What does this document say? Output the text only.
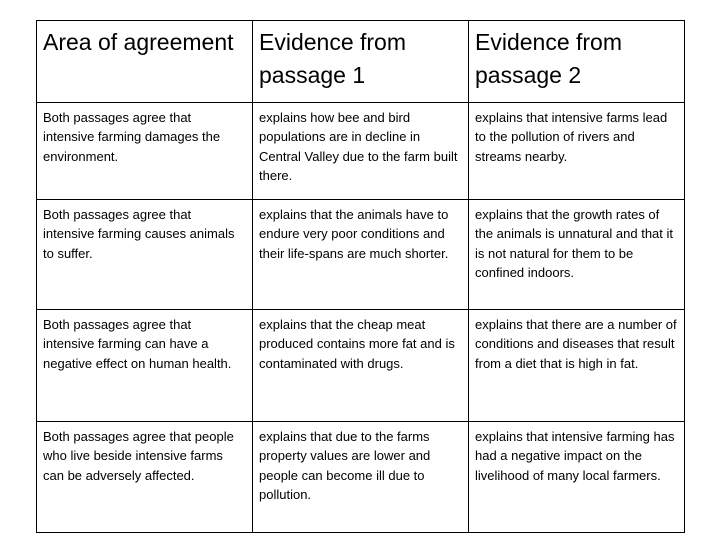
Area of agreement	Evidence from passage 1	Evidence from passage 2
Both passages agree that intensive farming damages the environment.	explains how bee and bird populations are in decline in Central Valley due to the farm built there.	explains that intensive farms lead to the pollution of rivers and streams nearby.
Both passages agree that intensive farming causes animals to suffer.	explains that the animals have to endure very poor conditions and their life-spans are much shorter.	explains that the growth rates of the animals is unnatural and that it is not natural for them to be confined indoors.
Both passages agree that intensive farming can have a negative effect on human health.	explains that the cheap meat produced contains more fat and is contaminated with drugs.	explains that there are a number of conditions and diseases that result from a diet that is high in fat.
Both passages agree that people who live beside intensive farms can be adversely affected.	explains that due to the farms property values are lower and people can become ill due to pollution.	explains that intensive farming has had a negative impact on the livelihood of many local farmers.
